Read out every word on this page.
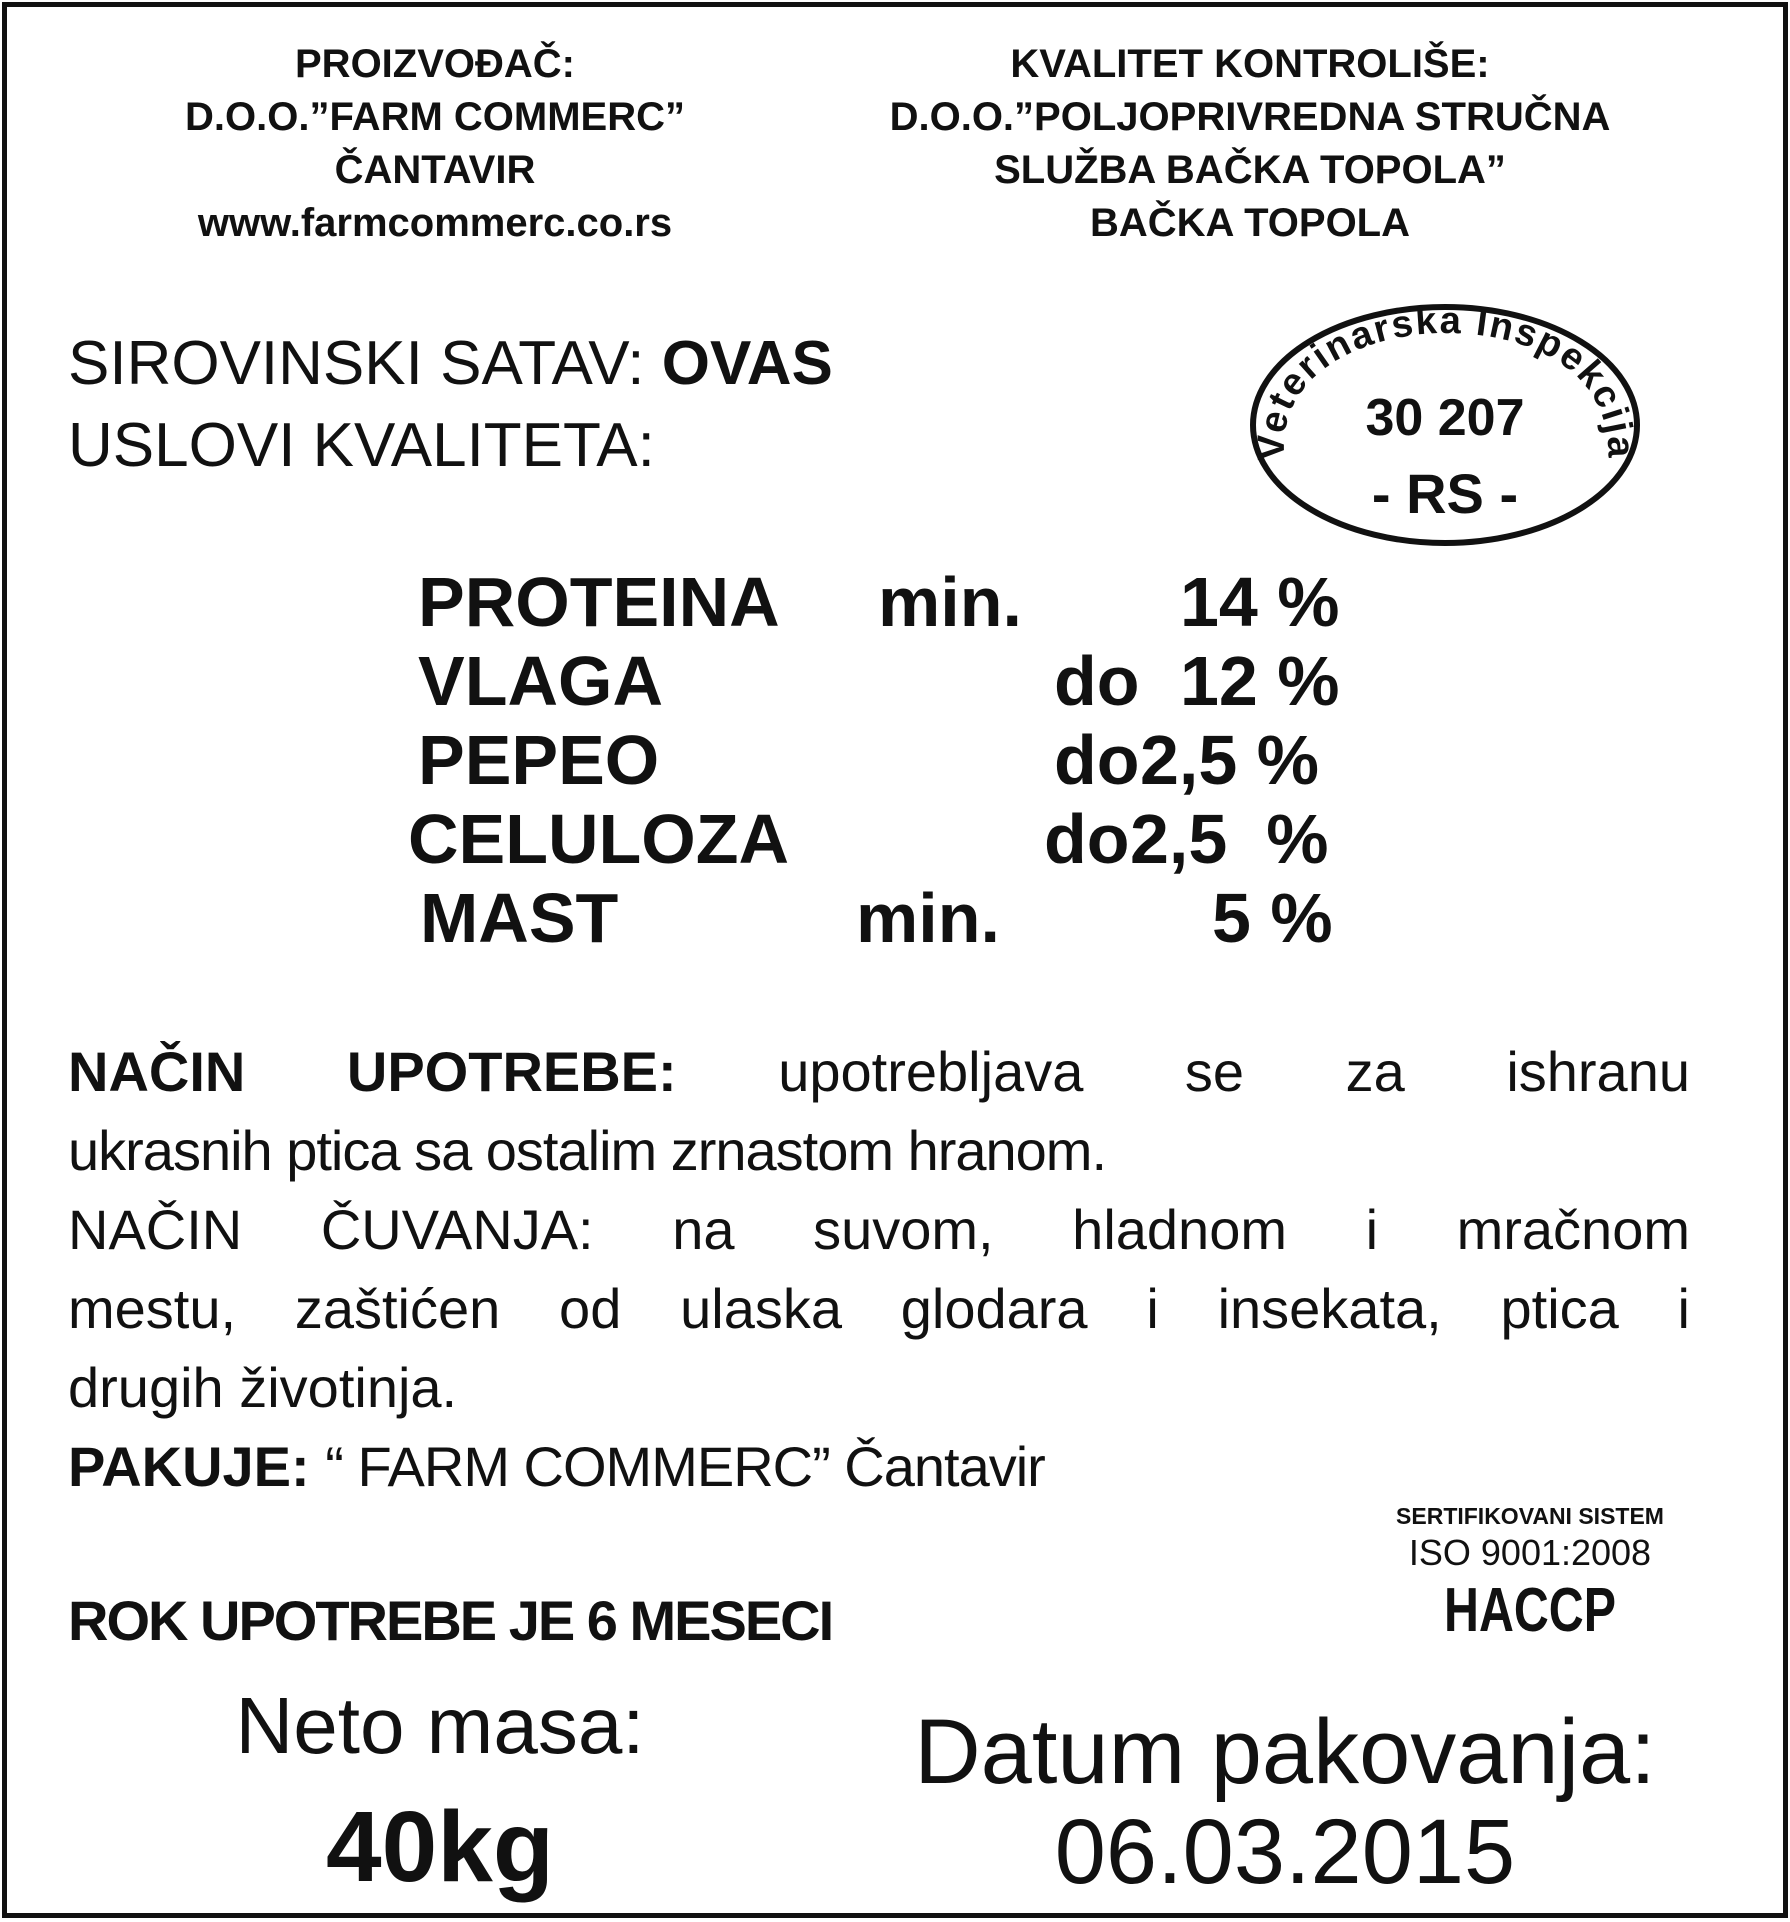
PROIZVOĐAČ:
D.O.O.”FARM COMMERC”
ČANTAVIR
www.farmcommerc.co.rs
KVALITET KONTROLIŠE:
D.O.O.”POLJOPRIVREDNA STRUČNA
SLUŽBA BAČKA TOPOLA”
BAČKA TOPOLA
SIROVINSKI SATAV: OVAS
USLOVI KVALITETA:	Veterinarska Inspekcija
30 207
- RS -
PROTEINA min. 14 %
VLAGA	do 12 %
PEPEO	do 2,5 %
CELULOZA	do 2,5  %
MAST	min.	5 %
NAČIN UPOTREBE: upotrebljava se za ishranu
ukrasnih ptica sa ostalim zrnastom hranom.
NAČIN ČUVANJA: na suvom, hladnom i mračnom
mestu, zaštićen od ulaska glodara i insekata, ptica i
drugih životinja.
PAKUJE: “ FARM COMMERC” Čantavir
SERTIFIKOVANI SISTEM
ISO 9001:2008
HACCP
ROK UPOTREBE JE 6 MESECI
Neto masa:
40kg
Datum pakovanja:
06.03.2015
